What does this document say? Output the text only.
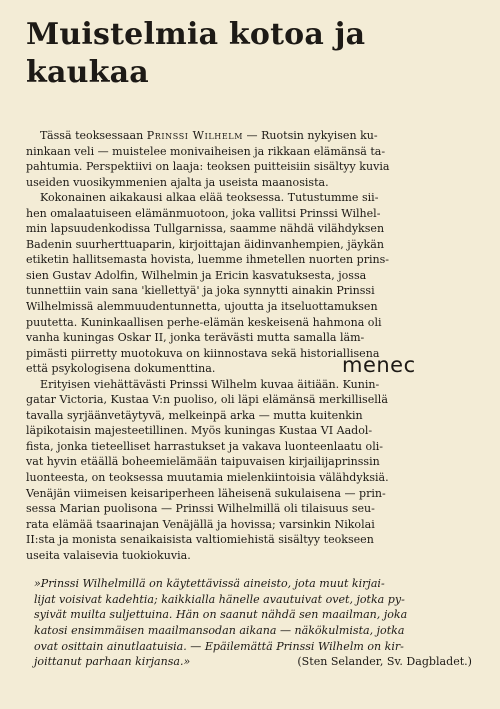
Muistelmia kotoa ja kaukaa
Tässä teoksessaan Prinssi Wilhelm — Ruotsin nykyisen ku-
ninkaan veli — muistelee monivaiheisen ja rikkaan elämänsä ta-
pahtumia. Perspektiivi on laaja: teoksen puitteisiin sisältyy kuvia
useiden vuosikymmenien ajalta ja useista maanosista.
Kokonainen aikakausi alkaa elää teoksessa. Tutustumme sii-
hen omalaatuiseen elämänmuotoon, joka vallitsi Prinssi Wilhel-
min lapsuudenkodissa Tullgarnissa, saamme nähdä vilähdyksen
Badenin suurherttuaparin, kirjoittajan äidinvanhempien, jäykän
etiketin hallitsemasta hovista, luemme ihmetellen nuorten prins-
sien Gustav Adolfin, Wilhelmin ja Ericin kasvatuksesta, jossa
tunnettiin vain sana 'kiellettyä' ja joka synnytti ainakin Prinssi
Wilhelmissä alemmuudentunnetta, ujoutta ja itseluottamuksen
puutetta. Kuninkaallisen perhe-elämän keskeisenä hahmona oli
vanha kuningas Oskar II, jonka terävästi mutta samalla läm-
pimästi piirretty muotokuva on kiinnostava sekä historiallisena
että psykologisena dokumenttina.
Erityisen viehättävästi Prinssi Wilhelm kuvaa äitiään. Kunin-
gatar Victoria, Kustaa V:n puoliso, oli läpi elämänsä merkillisellä
tavalla syrjäänvetäytyvä, melkeinpä arka — mutta kuitenkin
läpikotaisin majesteetillinen. Myös kuningas Kustaa VI Aadol-
fista, jonka tieteelliset harrastukset ja vakava luonteenlaatu oli-
vat hyvin etäällä boheemielämään taipuvaisen kirjailijaprinssin
luonteesta, on teoksessa muutamia mielenkiintoisia välähdyksiä.
Venäjän viimeisen keisariperheen läheisenä sukulaisena — prin-
sessa Marian puolisona — Prinssi Wilhelmillä oli tilaisuus seu-
rata elämää tsaarinajan Venäjällä ja hovissa; varsinkin Nikolai
II:sta ja monista senaikaisista valtiomiehistä sisältyy teokseen
useita valaisevia tuokiokuvia.
»Prinssi Wilhelmillä on käytettävissä aineisto, jota muut kirjai-
lijat voisivat kadehtia; kaikkialla hänelle avautuivat ovet, jotka py-
syivät muilta suljettuina. Hän on saanut nähdä sen maailman, joka
katosi ensimmäisen maailmansodan aikana — näkökulmista, jotka
ovat osittain ainutlaatuisia. — Epäilemättä Prinssi Wilhelm on kir-
joittanut parhaan kirjansa.»	(Sten Selander, Sv. Dagbladet.)
menec
